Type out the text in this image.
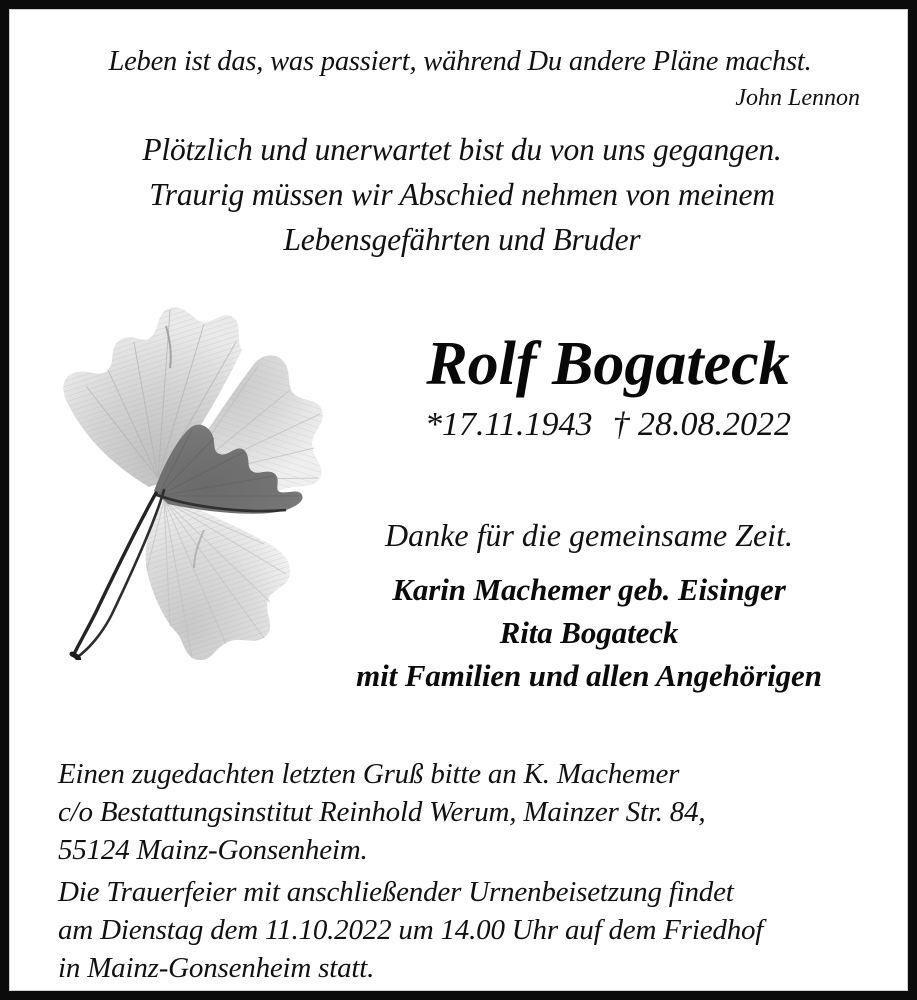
Leben ist das, was passiert, während Du andere Pläne machst.
John Lennon
Plötzlich und unerwartet bist du von uns gegangen.
Traurig müssen wir Abschied nehmen von meinem
Lebensgefährten und Bruder
Rolf Bogateck
*17.11.1943 † 28.08.2022
Danke für die gemeinsame Zeit.
Karin Machemer geb. Eisinger
Rita Bogateck
mit Familien und allen Angehörigen
Einen zugedachten letzten Gruß bitte an K. Machemer
c/o Bestattungsinstitut Reinhold Werum, Mainzer Str. 84,
55124 Mainz-Gonsenheim.
Die Trauerfeier mit anschließender Urnenbeisetzung findet
am Dienstag dem 11.10.2022 um 14.00 Uhr auf dem Friedhof
in Mainz-Gonsenheim statt.
